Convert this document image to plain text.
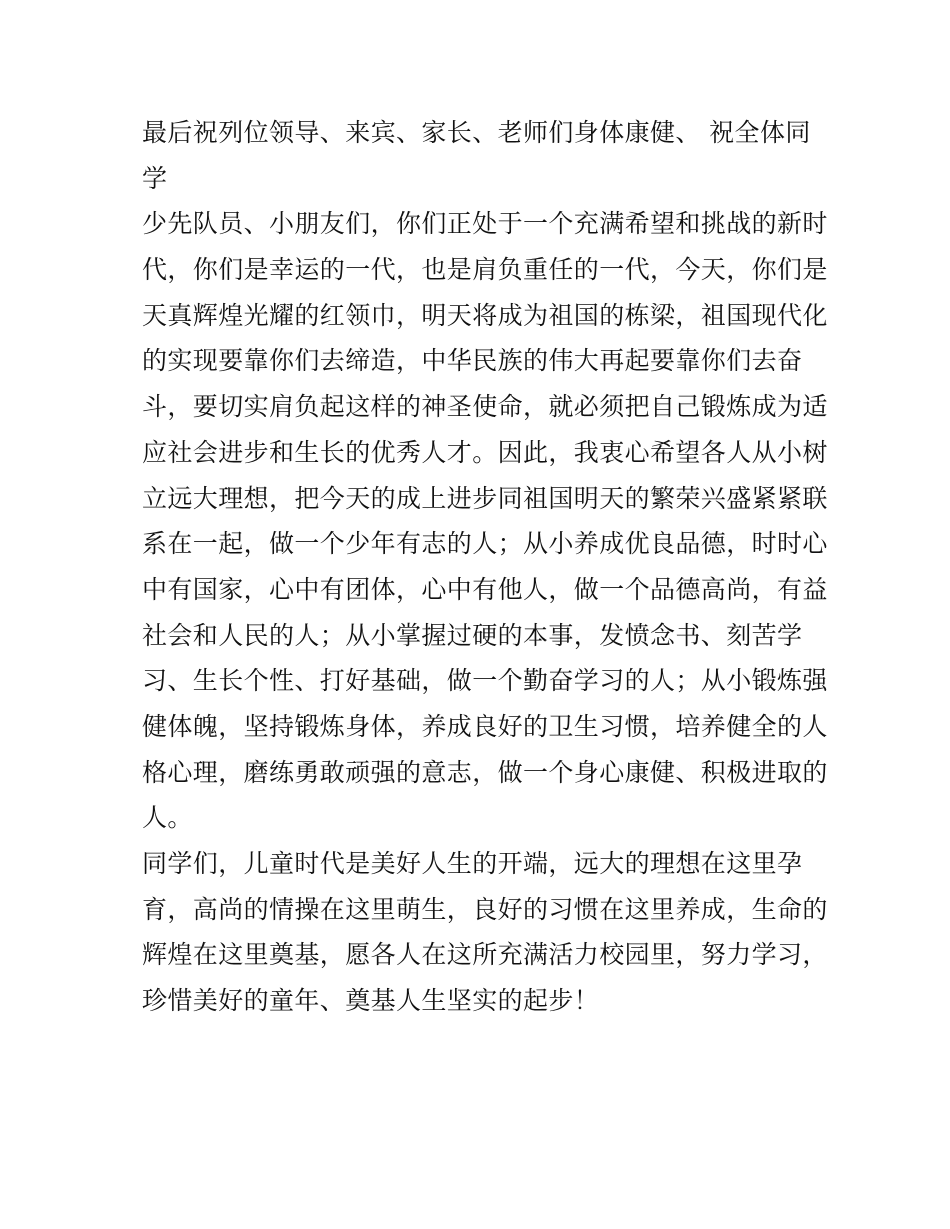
最后祝列位领导、来宾、家长、老师们身体康健、 祝全体同
学
少先队员、小朋友们，你们正处于一个充满希望和挑战的新时
代，你们是幸运的一代，也是肩负重任的一代，今天，你们是
天真辉煌光耀的红领巾，明天将成为祖国的栋梁，祖国现代化
的实现要靠你们去缔造，中华民族的伟大再起要靠你们去奋
斗，要切实肩负起这样的神圣使命，就必须把自己锻炼成为适
应社会进步和生长的优秀人才。因此，我衷心希望各人从小树
立远大理想，把今天的成上进步同祖国明天的繁荣兴盛紧紧联
系在一起，做一个少年有志的人；从小养成优良品德，时时心
中有国家，心中有团体，心中有他人，做一个品德高尚，有益
社会和人民的人；从小掌握过硬的本事，发愤念书、刻苦学
习、生长个性、打好基础，做一个勤奋学习的人；从小锻炼强
健体魄，坚持锻炼身体，养成良好的卫生习惯，培养健全的人
格心理，磨练勇敢顽强的意志，做一个身心康健、积极进取的
人。
同学们，儿童时代是美好人生的开端，远大的理想在这里孕
育，高尚的情操在这里萌生，良好的习惯在这里养成，生命的
辉煌在这里奠基，愿各人在这所充满活力校园里，努力学习，
珍惜美好的童年、奠基人生坚实的起步！
